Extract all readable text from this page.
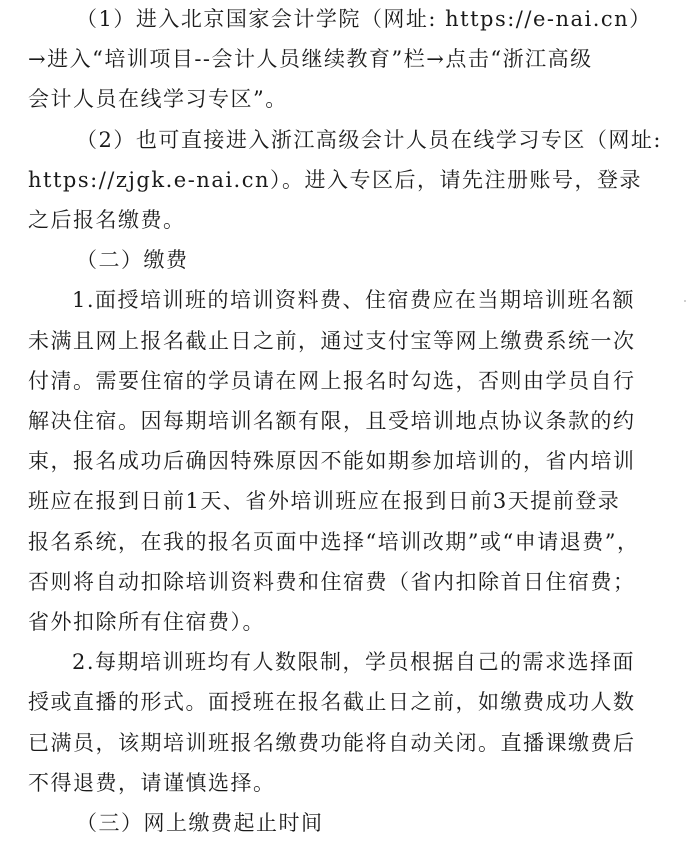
（1）进入北京国家会计学院（网址: https://e-nai.cn）
→进入“培训项目--会计人员继续教育”栏→点击“浙江高级
会计人员在线学习专区”。
（2）也可直接进入浙江高级会计人员在线学习专区（网址:
https://zjgk.e-nai.cn）。进入专区后，请先注册账号，登录
之后报名缴费。
（二）缴费
1.面授培训班的培训资料费、住宿费应在当期培训班名额
未满且网上报名截止日之前，通过支付宝等网上缴费系统一次
付清。需要住宿的学员请在网上报名时勾选，否则由学员自行
解决住宿。因每期培训名额有限，且受培训地点协议条款的约
束，报名成功后确因特殊原因不能如期参加培训的，省内培训
班应在报到日前1天、省外培训班应在报到日前3天提前登录
报名系统，在我的报名页面中选择“培训改期”或“申请退费”，
否则将自动扣除培训资料费和住宿费（省内扣除首日住宿费；
省外扣除所有住宿费）。
2.每期培训班均有人数限制，学员根据自己的需求选择面
授或直播的形式。面授班在报名截止日之前，如缴费成功人数
已满员，该期培训班报名缴费功能将自动关闭。直播课缴费后
不得退费，请谨慎选择。
（三）网上缴费起止时间
